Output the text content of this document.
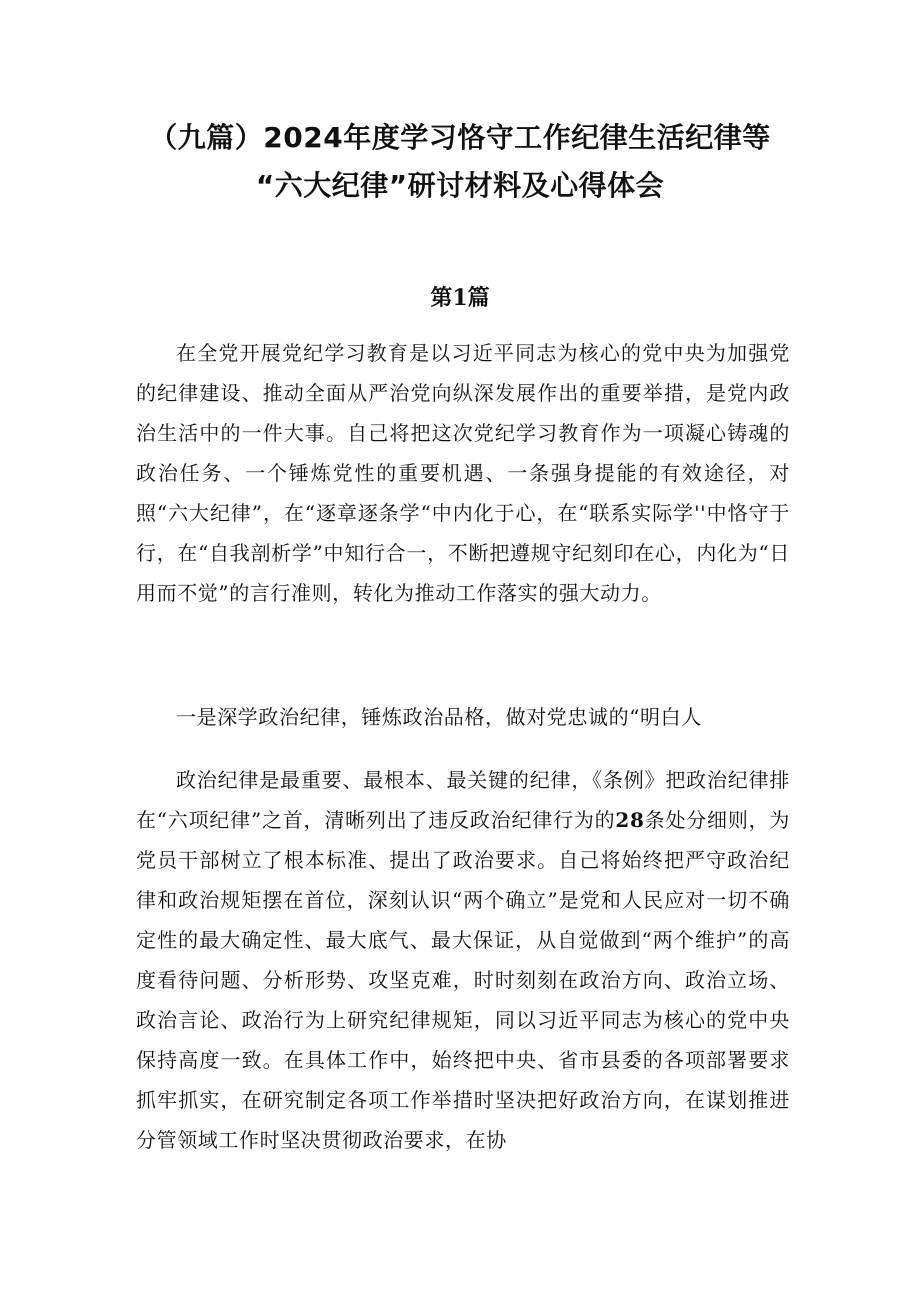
（九篇）2024年度学习恪守工作纪律生活纪律等
“六大纪律”研讨材料及心得体会
第1篇

在全党开展党纪学习教育是以习近平同志为核心的党中央为加强党的纪律建设、推动全面从严治党向纵深发展作出的重要举措，是党内政治生活中的一件大事。自己将把这次党纪学习教育作为一项凝心铸魂的政治任务、一个锤炼党性的重要机遇、一条强身提能的有效途径，对照“六大纪律”，在“逐章逐条学“中内化于心，在“联系实际学''中恪守于行，在“自我剖析学”中知行合一，不断把遵规守纪刻印在心，内化为“日用而不觉”的言行准则，转化为推动工作落实的强大动力。

一是深学政治纪律，锤炼政治品格，做对党忠诚的“明白人

政治纪律是最重要、最根本、最关键的纪律，《条例》把政治纪律排在“六项纪律”之首，清晰列出了违反政治纪律行为的28条处分细则，为党员干部树立了根本标准、提出了政治要求。自己将始终把严守政治纪律和政治规矩摆在首位，深刻认识“两个确立”是党和人民应对一切不确定性的最大确定性、最大底气、最大保证，从自觉做到“两个维护”的高度看待问题、分析形势、攻坚克难，时时刻刻在政治方向、政治立场、政治言论、政治行为上研究纪律规矩，同以习近平同志为核心的党中央保持高度一致。在具体工作中，始终把中央、省市县委的各项部署要求抓牢抓实，在研究制定各项工作举措时坚决把好政治方向，在谋划推进分管领域工作时坚决贯彻政治要求，在协
